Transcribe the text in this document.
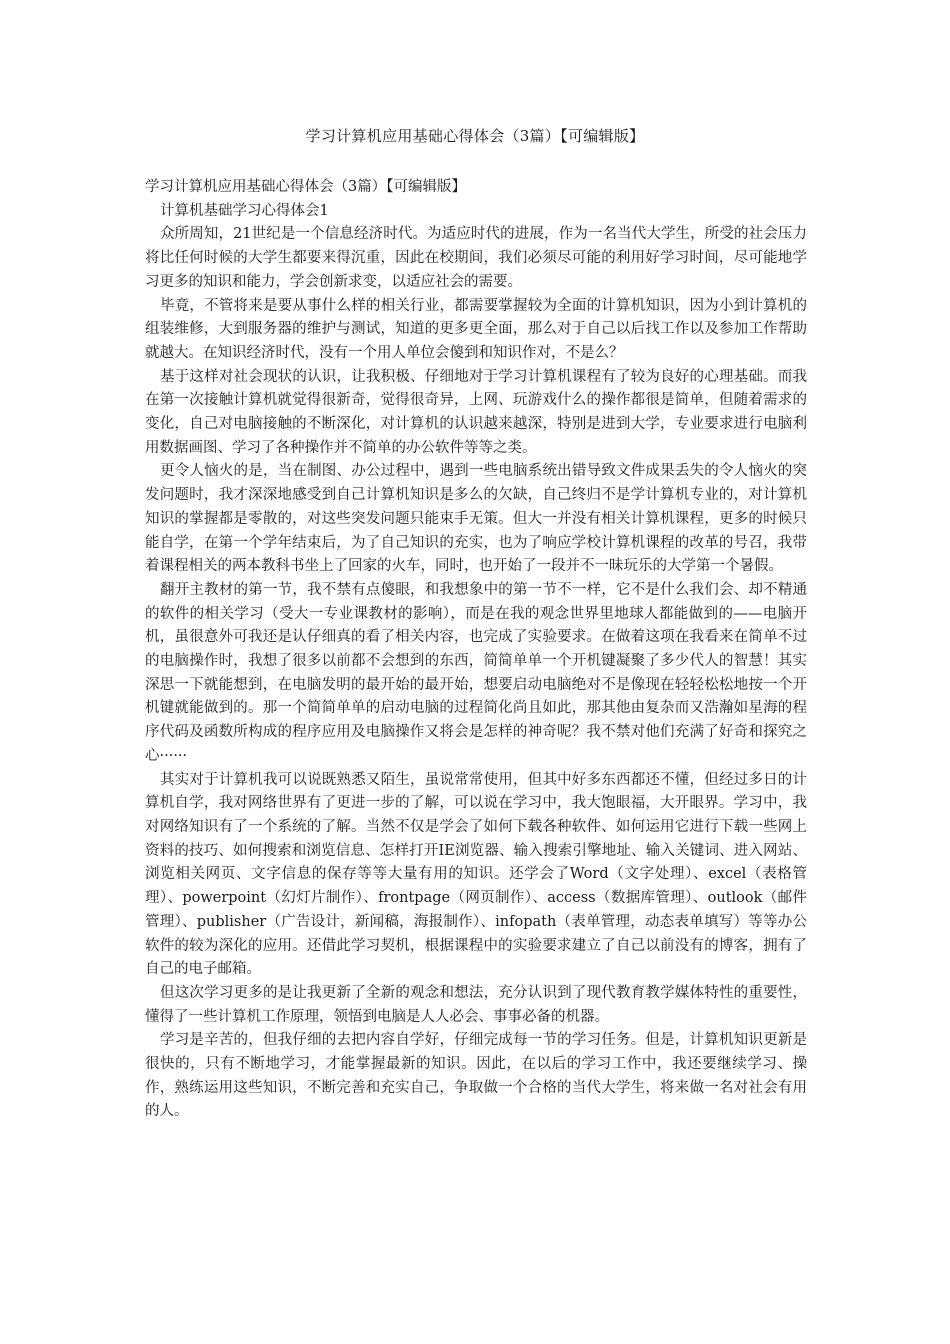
学习计算机应用基础心得体会（3篇）【可编辑版】

学习计算机应用基础心得体会（3篇）【可编辑版】

计算机基础学习心得体会1

众所周知，21世纪是一个信息经济时代。为适应时代的进展，作为一名当代大学生，所受的社会压力将比任何时候的大学生都要来得沉重，因此在校期间，我们必须尽可能的利用好学习时间，尽可能地学习更多的知识和能力，学会创新求变，以适应社会的需要。

毕竟，不管将来是要从事什么样的相关行业，都需要掌握较为全面的计算机知识，因为小到计算机的组装维修，大到服务器的维护与测试，知道的更多更全面，那么对于自己以后找工作以及参加工作帮助就越大。在知识经济时代，没有一个用人单位会傻到和知识作对，不是么？

基于这样对社会现状的认识，让我积极、仔细地对于学习计算机课程有了较为良好的心理基础。而我在第一次接触计算机就觉得很新奇，觉得很奇异，上网、玩游戏什么的操作都很是简单，但随着需求的变化，自己对电脑接触的不断深化，对计算机的认识越来越深，特别是进到大学，专业要求进行电脑利用数据画图、学习了各种操作并不简单的办公软件等等之类。

更令人恼火的是，当在制图、办公过程中，遇到一些电脑系统出错导致文件成果丢失的令人恼火的突发问题时，我才深深地感受到自己计算机知识是多么的欠缺，自己终归不是学计算机专业的，对计算机知识的掌握都是零散的，对这些突发问题只能束手无策。但大一并没有相关计算机课程，更多的时候只能自学，在第一个学年结束后，为了自己知识的充实，也为了响应学校计算机课程的改革的号召，我带着课程相关的两本教科书坐上了回家的火车，同时，也开始了一段并不一昧玩乐的大学第一个暑假。

翻开主教材的第一节，我不禁有点傻眼，和我想象中的第一节不一样，它不是什么我们会、却不精通的软件的相关学习（受大一专业课教材的影响），而是在我的观念世界里地球人都能做到的——电脑开机，虽很意外可我还是认仔细真的看了相关内容，也完成了实验要求。在做着这项在我看来在简单不过的电脑操作时，我想了很多以前都不会想到的东西，简简单单一个开机键凝聚了多少代人的智慧！其实深思一下就能想到，在电脑发明的最开始的最开始，想要启动电脑绝对不是像现在轻轻松松地按一个开机键就能做到的。那一个简简单单的启动电脑的过程简化尚且如此，那其他由复杂而又浩瀚如星海的程序代码及函数所构成的程序应用及电脑操作又将会是怎样的神奇呢？我不禁对他们充满了好奇和探究之心······

其实对于计算机我可以说既熟悉又陌生，虽说常常使用，但其中好多东西都还不懂，但经过多日的计算机自学，我对网络世界有了更进一步的了解，可以说在学习中，我大饱眼福，大开眼界。学习中，我对网络知识有了一个系统的了解。当然不仅是学会了如何下载各种软件、如何运用它进行下载一些网上资料的技巧、如何搜索和浏览信息、怎样打开IE浏览器、输入搜索引擎地址、输入关键词、进入网站、浏览相关网页、文字信息的保存等等大量有用的知识。还学会了Word（文字处理）、excel（表格管理）、powerpoint（幻灯片制作）、frontpage（网页制作）、access（数据库管理）、outlook（邮件管理）、publisher（广告设计，新闻稿，海报制作）、infopath（表单管理，动态表单填写）等等办公软件的较为深化的应用。还借此学习契机，根据课程中的实验要求建立了自己以前没有的博客，拥有了自己的电子邮箱。

但这次学习更多的是让我更新了全新的观念和想法，充分认识到了现代教育教学媒体特性的重要性，懂得了一些计算机工作原理，领悟到电脑是人人必会、事事必备的机器。

学习是辛苦的，但我仔细的去把内容自学好，仔细完成每一节的学习任务。但是，计算机知识更新是很快的，只有不断地学习，才能掌握最新的知识。因此，在以后的学习工作中，我还要继续学习、操作，熟练运用这些知识，不断完善和充实自己，争取做一个合格的当代大学生，将来做一名对社会有用的人。
